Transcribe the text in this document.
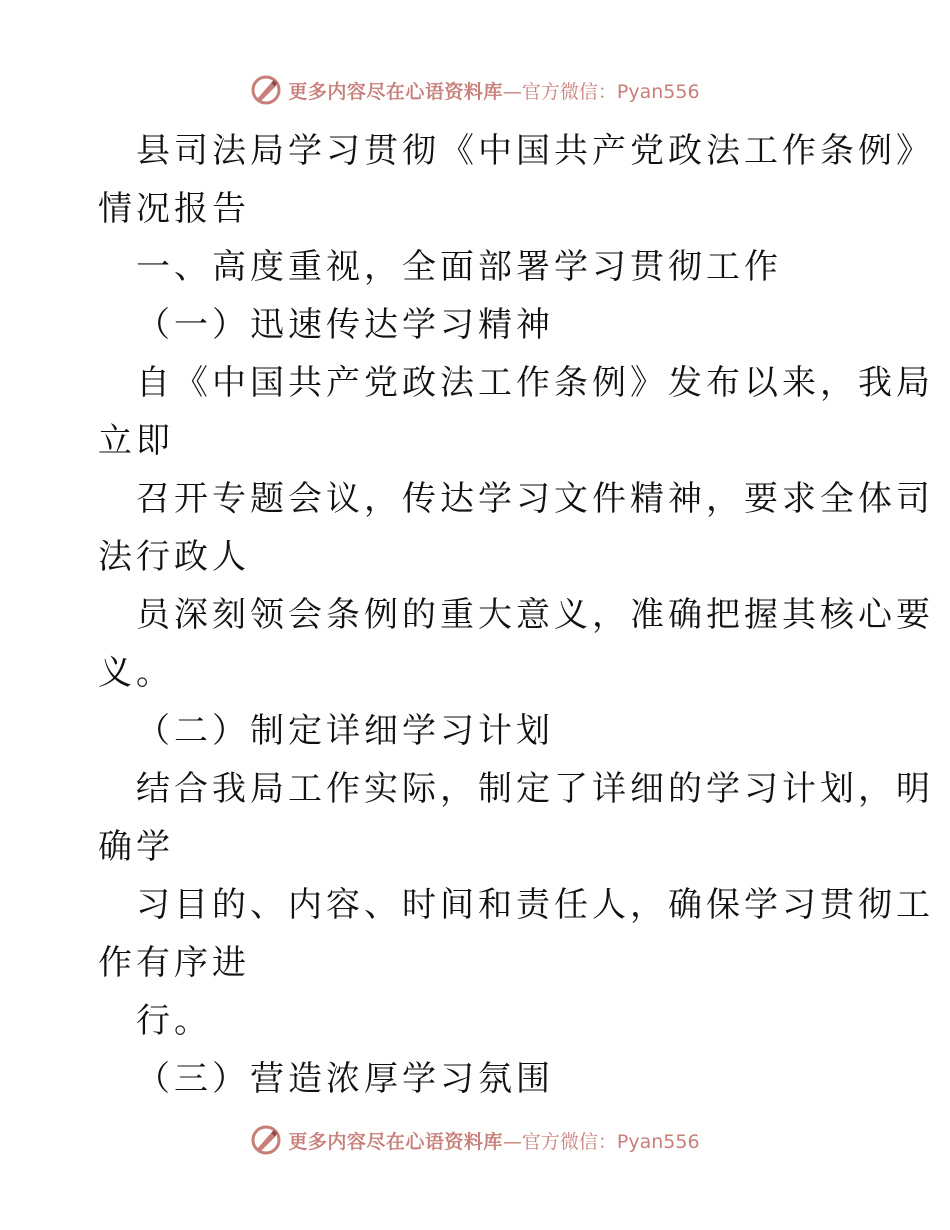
更多内容尽在心语资料库 —官方微信：Pyan556

县司法局学习贯彻《中国共产党政法工作条例》

情况报告

一、高度重视，全面部署学习贯彻工作

（一）迅速传达学习精神

自《中国共产党政法工作条例》发布以来，我局

立即

召开专题会议，传达学习文件精神，要求全体司

法行政人

员深刻领会条例的重大意义，准确把握其核心要

义。

（二）制定详细学习计划

结合我局工作实际，制定了详细的学习计划，明

确学

习目的、内容、时间和责任人，确保学习贯彻工

作有序进

行。

（三）营造浓厚学习氛围

更多内容尽在心语资料库 —官方微信：Pyan556
